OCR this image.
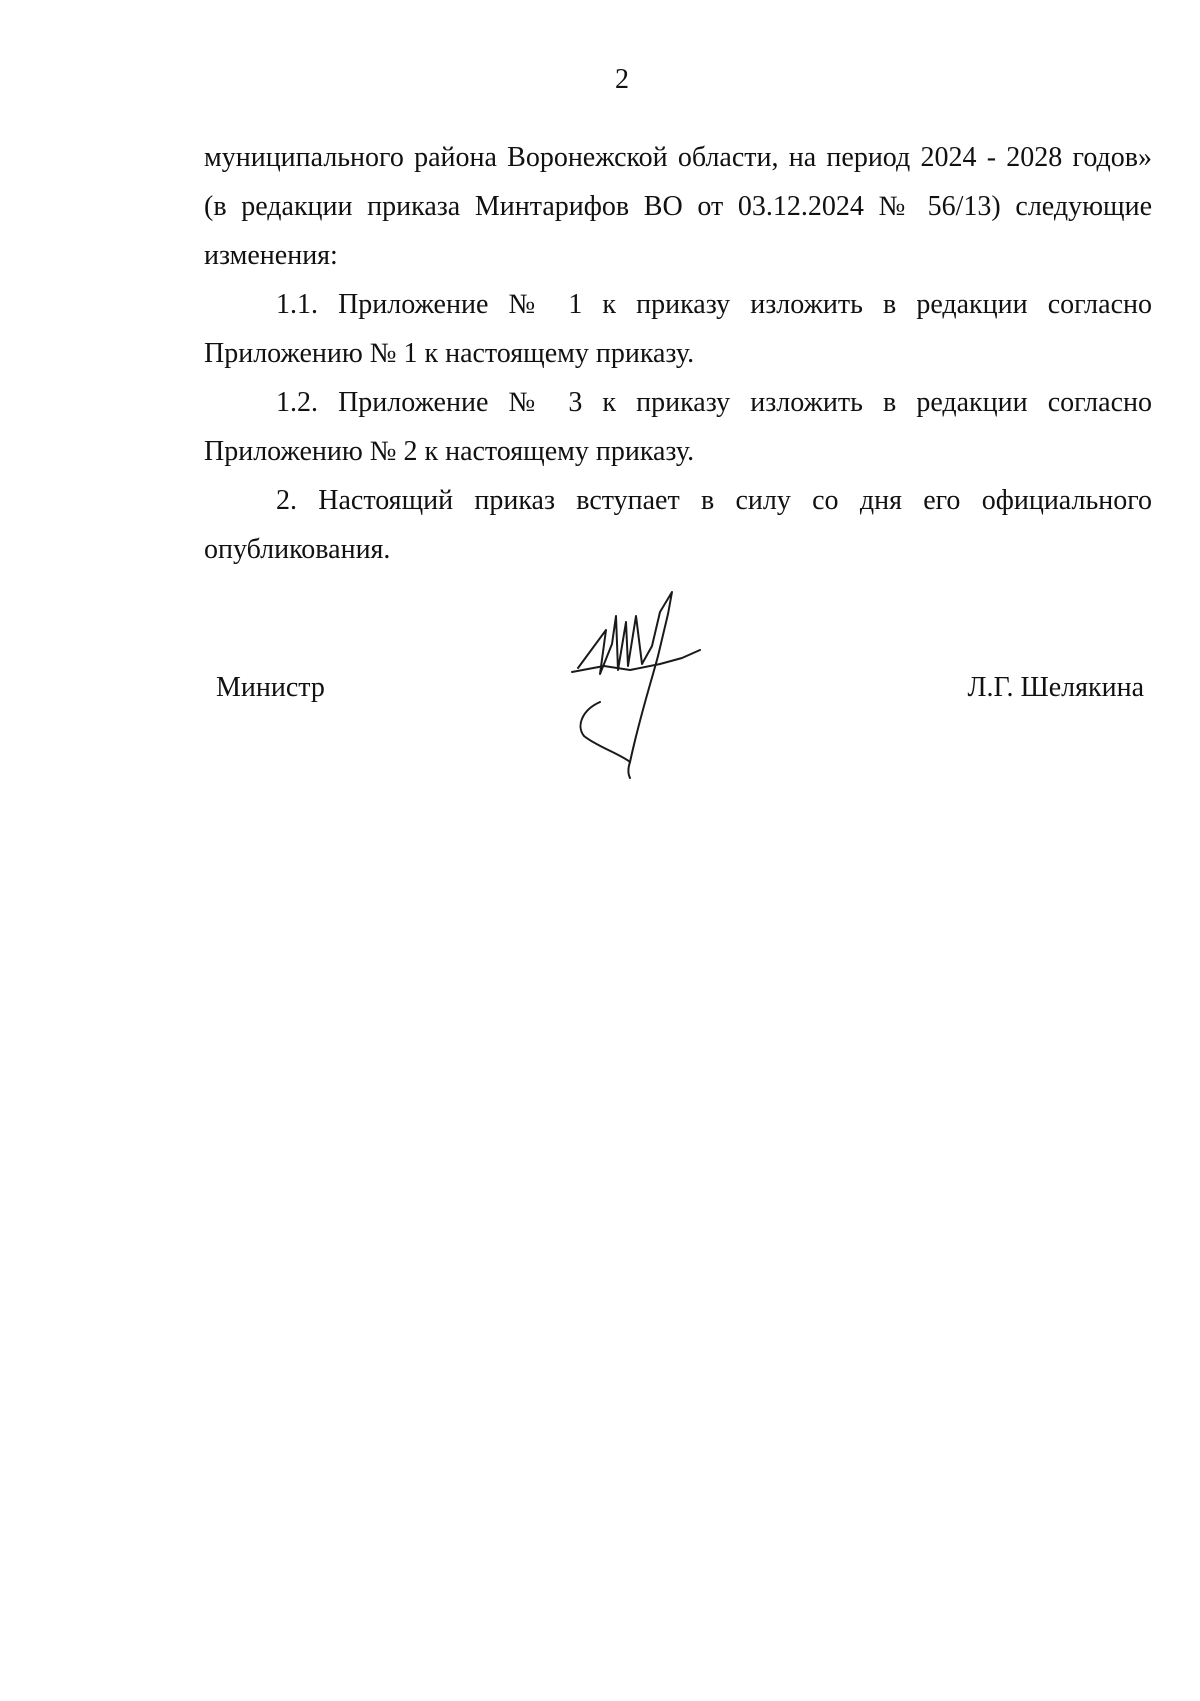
2

муниципального района Воронежской области, на период 2024 - 2028 годов» (в редакции приказа Минтарифов ВО от 03.12.2024 № 56/13) следующие изменения:

1.1. Приложение № 1 к приказу изложить в редакции согласно Приложению № 1 к настоящему приказу.

1.2. Приложение № 3 к приказу изложить в редакции согласно Приложению № 2 к настоящему приказу.

2. Настоящий приказ вступает в силу со дня его официального опубликования.

Министр	Л.Г. Шелякина
